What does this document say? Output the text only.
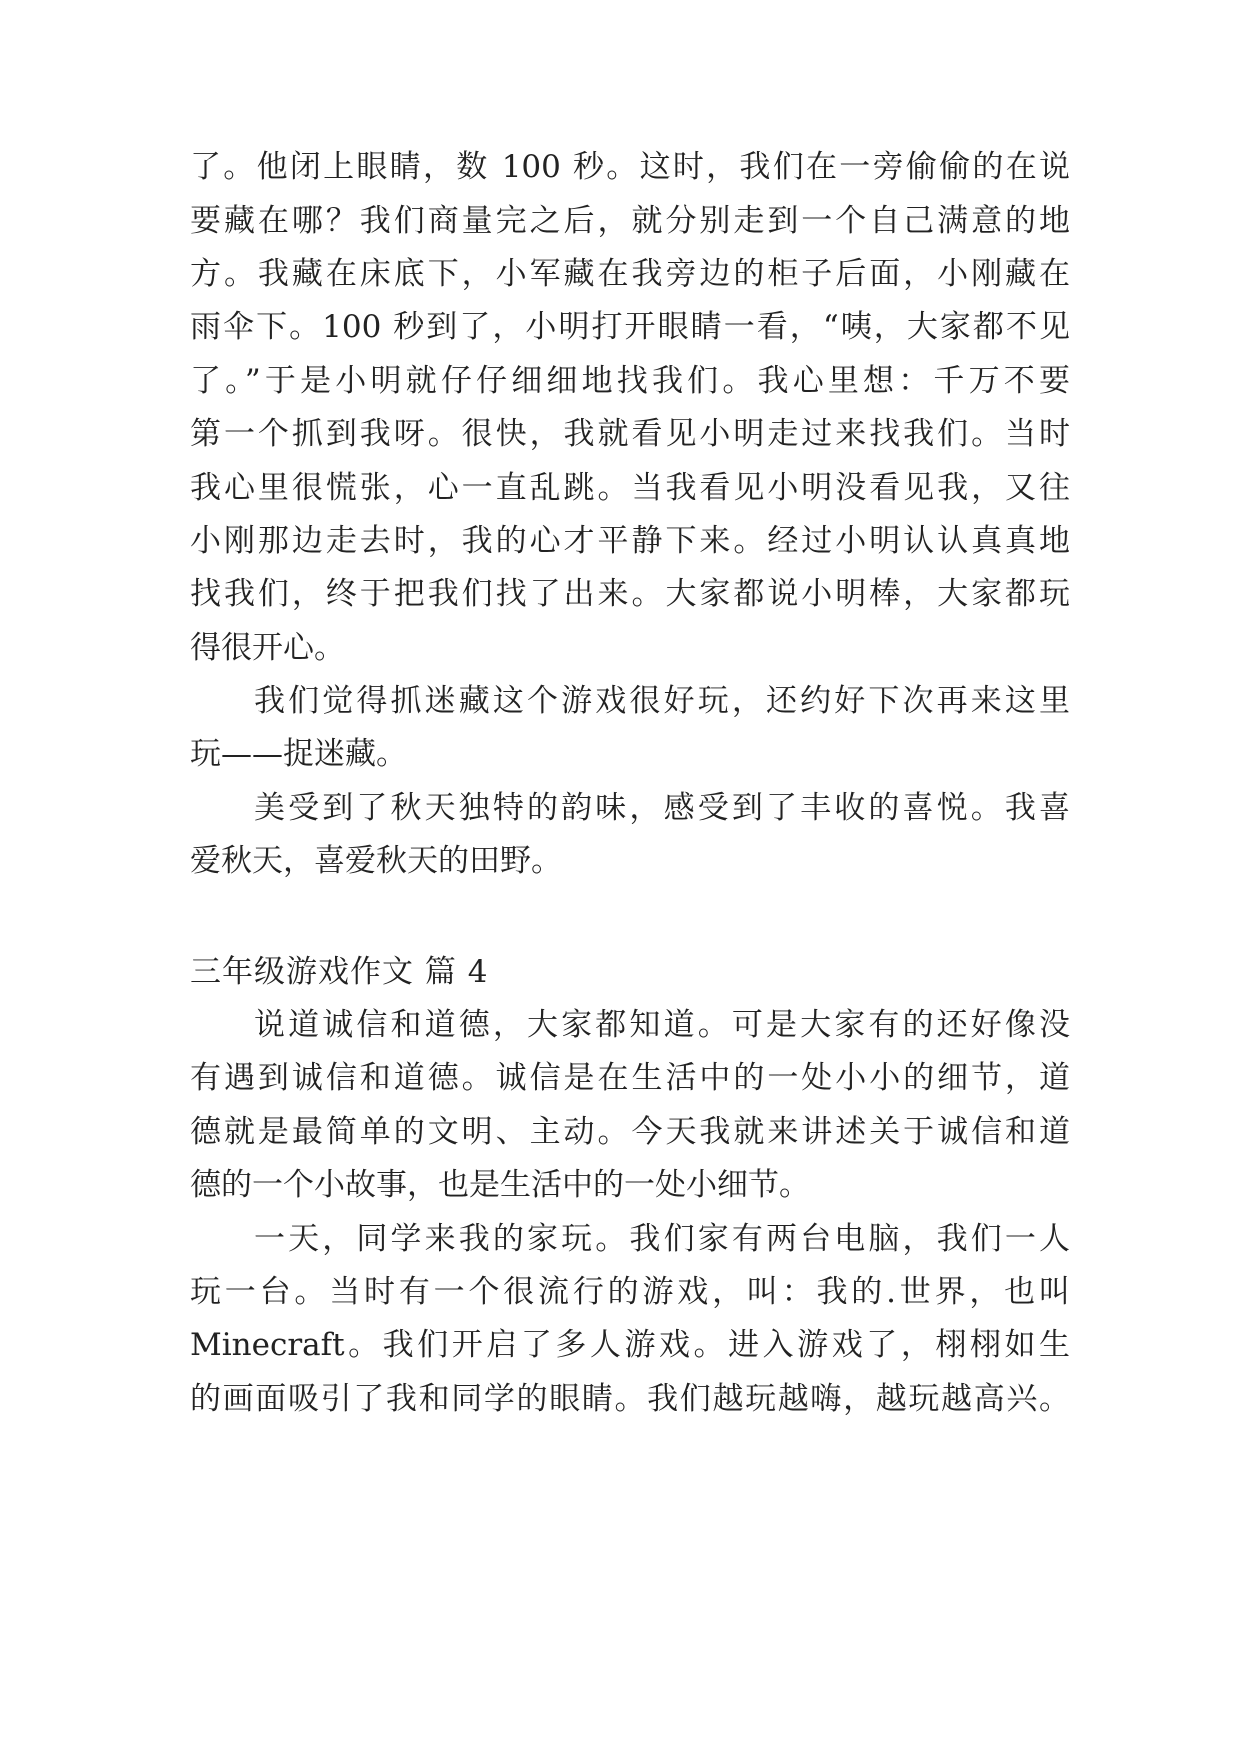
了。他闭上眼睛，数 100 秒。这时，我们在一旁偷偷的在说
要藏在哪？我们商量完之后，就分别走到一个自己满意的地
方。我藏在床底下，小军藏在我旁边的柜子后面，小刚藏在
雨伞下。100 秒到了，小明打开眼睛一看，“咦，大家都不见
了。”于是小明就仔仔细细地找我们。我心里想：千万不要
第一个抓到我呀。很快，我就看见小明走过来找我们。当时
我心里很慌张，心一直乱跳。当我看见小明没看见我，又往
小刚那边走去时，我的心才平静下来。经过小明认认真真地
找我们，终于把我们找了出来。大家都说小明棒，大家都玩
得很开心。
我们觉得抓迷藏这个游戏很好玩，还约好下次再来这里
玩——捉迷藏。
美受到了秋天独特的韵味，感受到了丰收的喜悦。我喜
爱秋天，喜爱秋天的田野。
三年级游戏作文 篇 4
说道诚信和道德，大家都知道。可是大家有的还好像没
有遇到诚信和道德。诚信是在生活中的一处小小的细节，道
德就是最简单的文明、主动。今天我就来讲述关于诚信和道
德的一个小故事，也是生活中的一处小细节。
一天，同学来我的家玩。我们家有两台电脑，我们一人
玩一台。当时有一个很流行的游戏，叫：我的.世界，也叫
Minecraft。我们开启了多人游戏。进入游戏了，栩栩如生
的画面吸引了我和同学的眼睛。我们越玩越嗨，越玩越高兴。
